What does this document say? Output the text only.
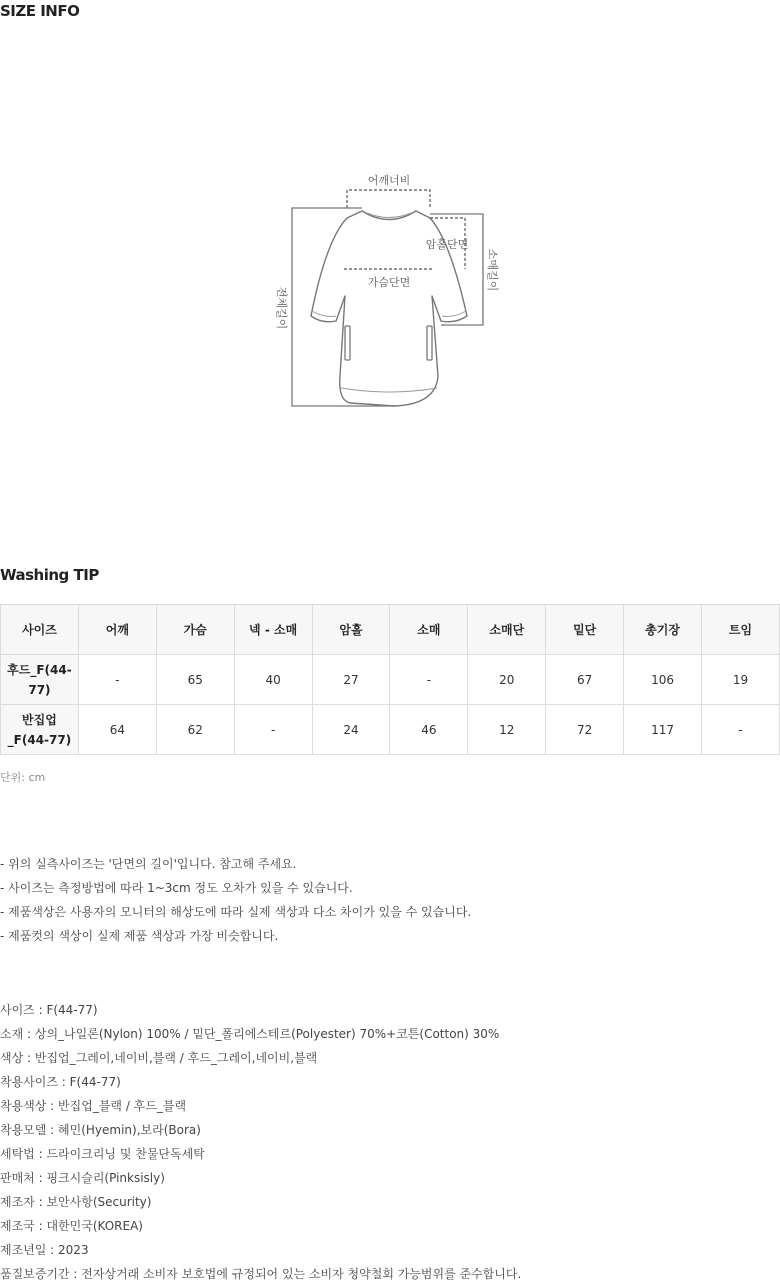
SIZE INFO
어깨너비
암홀단면
가슴단면	소매길이
전체길이
Washing TIP
사이즈	어깨	가슴	넥 - 소매	암홀	소매	소매단	밑단	총기장	트임
후드_F(44-77)	-	65	40	27	-	20	67	106	19
반집업_F(44-77)	64	62	-	24	46	12	72	117	-
단위: cm
- 위의 실측사이즈는 '단면의 길이'입니다. 참고해 주세요.
- 사이즈는 측정방법에 따라 1~3cm 정도 오차가 있을 수 있습니다.
- 제품색상은 사용자의 모니터의 해상도에 따라 실제 색상과 다소 차이가 있을 수 있습니다.
- 제품컷의 색상이 실제 제품 색상과 가장 비슷합니다.
사이즈 : F(44-77)
소재 : 상의_나일론(Nylon) 100% / 밑단_폴리에스테르(Polyester) 70%+코튼(Cotton) 30%
색상 : 반집업_그레이,네이비,블랙 / 후드_그레이,네이비,블랙
착용사이즈 : F(44-77)
착용색상 : 반집업_블랙 / 후드_블랙
착용모델 : 혜민(Hyemin),보라(Bora)
세탁법 : 드라이크리닝 및 찬물단독세탁
판매처 : 핑크시슬리(Pinksisly)
제조자 : 보안사항(Security)
제조국 : 대한민국(KOREA)
제조년일 : 2023
품질보증기간 : 전자상거래 소비자 보호법에 규정되어 있는 소비자 청약철회 가능범위를 준수합니다.
